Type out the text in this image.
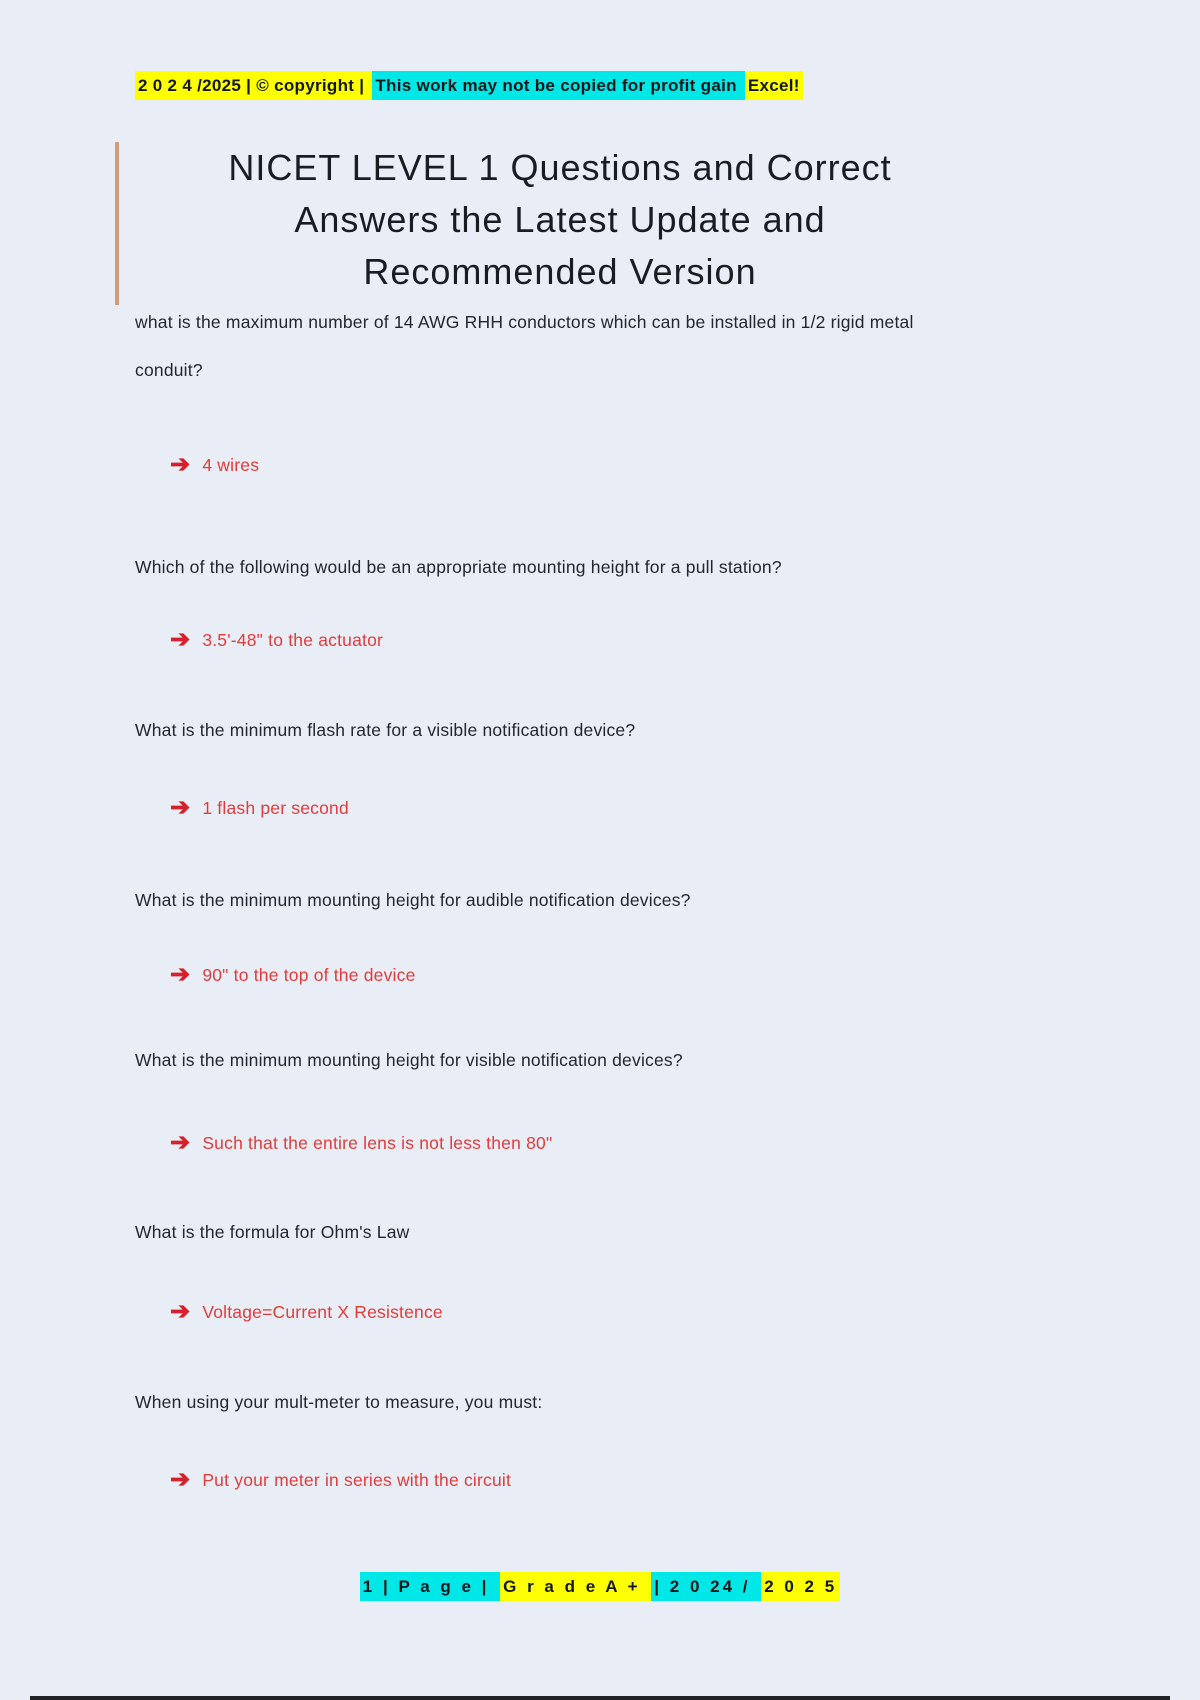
2 0 2 4 /2025 | © copyright | This work may not be copied for profit gain Excel!
NICET LEVEL 1 Questions and Correct Answers the Latest Update and Recommended Version
what is the maximum number of 14 AWG RHH conductors which can be installed in 1/2 rigid metal conduit?
➔ 4 wires
Which of the following would be an appropriate mounting height for a pull station?
➔ 3.5'-48" to the actuator
What is the minimum flash rate for a visible notification device?
➔ 1 flash per second
What is the minimum mounting height for audible notification devices?
➔ 90" to the top of the device
What is the minimum mounting height for visible notification devices?
➔ Such that the entire lens is not less then 80"
What is the formula for Ohm's Law
➔ Voltage=Current X Resistence
When using your mult-meter to measure, you must:
➔ Put your meter in series with the circuit
1 | P a g e | G r a d e A + | 2 0 24 / 2 0 2 5
